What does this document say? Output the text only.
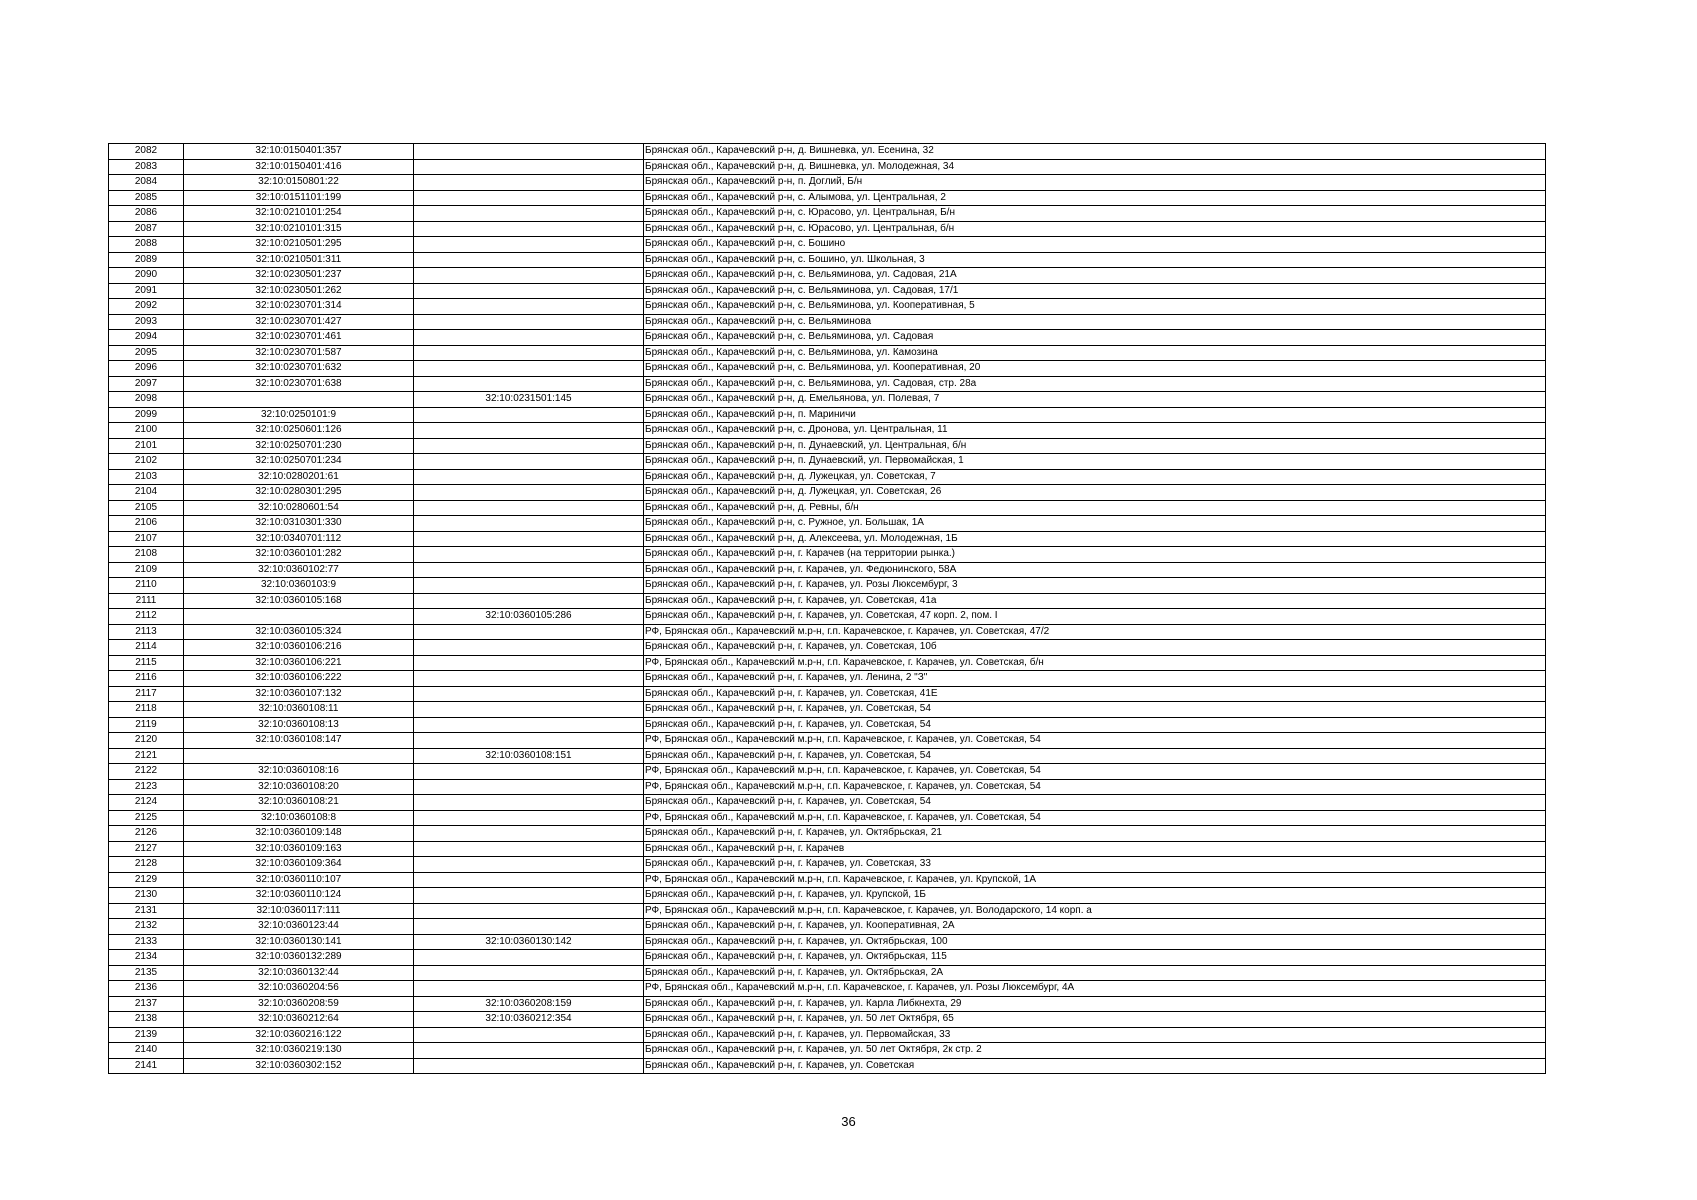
2082	32:10:0150401:357		Брянская обл., Карачевский р-н, д. Вишневка, ул. Есенина, 32
2083	32:10:0150401:416		Брянская обл., Карачевский р-н, д. Вишневка, ул. Молодежная, 34
2084	32:10:0150801:22		Брянская обл., Карачевский р-н, п. Доглий, Б/н
2085	32:10:0151101:199		Брянская обл., Карачевский р-н, с. Алымова, ул. Центральная, 2
2086	32:10:0210101:254		Брянская обл., Карачевский р-н, с. Юрасово, ул. Центральная, Б/н
2087	32:10:0210101:315		Брянская обл., Карачевский р-н, с. Юрасово, ул. Центральная, б/н
2088	32:10:0210501:295		Брянская обл., Карачевский р-н, с. Бошино
2089	32:10:0210501:311		Брянская обл., Карачевский р-н, с. Бошино, ул. Школьная, 3
2090	32:10:0230501:237		Брянская обл., Карачевский р-н, с. Вельяминова, ул. Садовая, 21А
2091	32:10:0230501:262		Брянская обл., Карачевский р-н, с. Вельяминова, ул. Садовая, 17/1
2092	32:10:0230701:314		Брянская обл., Карачевский р-н, с. Вельяминова, ул. Кооперативная, 5
2093	32:10:0230701:427		Брянская обл., Карачевский р-н, с. Вельяминова
2094	32:10:0230701:461		Брянская обл., Карачевский р-н, с. Вельяминова, ул. Садовая
2095	32:10:0230701:587		Брянская обл., Карачевский р-н, с. Вельяминова, ул. Камозина
2096	32:10:0230701:632		Брянская обл., Карачевский р-н, с. Вельяминова, ул. Кооперативная, 20
2097	32:10:0230701:638		Брянская обл., Карачевский р-н, с. Вельяминова, ул. Садовая, стр. 28а
2098		32:10:0231501:145	Брянская обл., Карачевский р-н, д. Емельянова, ул. Полевая, 7
2099	32:10:0250101:9		Брянская обл., Карачевский р-н, п. Мариничи
2100	32:10:0250601:126		Брянская обл., Карачевский р-н, с. Дронова, ул. Центральная, 11
2101	32:10:0250701:230		Брянская обл., Карачевский р-н, п. Дунаевский, ул. Центральная, б/н
2102	32:10:0250701:234		Брянская обл., Карачевский р-н, п. Дунаевский, ул. Первомайская, 1
2103	32:10:0280201:61		Брянская обл., Карачевский р-н, д. Лужецкая, ул. Советская, 7
2104	32:10:0280301:295		Брянская обл., Карачевский р-н, д. Лужецкая, ул. Советская, 26
2105	32:10:0280601:54		Брянская обл., Карачевский р-н, д. Ревны, б/н
2106	32:10:0310301:330		Брянская обл., Карачевский р-н, с. Ружное, ул. Большак, 1А
2107	32:10:0340701:112		Брянская обл., Карачевский р-н, д. Алексеева, ул. Молодежная, 1Б
2108	32:10:0360101:282		Брянская обл., Карачевский р-н, г. Карачев (на территории рынка.)
2109	32:10:0360102:77		Брянская обл., Карачевский р-н, г. Карачев, ул. Федюнинского, 58А
2110	32:10:0360103:9		Брянская обл., Карачевский р-н, г. Карачев, ул. Розы Люксембург, 3
2111	32:10:0360105:168		Брянская обл., Карачевский р-н, г. Карачев, ул. Советская, 41а
2112		32:10:0360105:286	Брянская обл., Карачевский р-н, г. Карачев, ул. Советская, 47 корп. 2, пом. I
2113	32:10:0360105:324		РФ, Брянская обл., Карачевский м.р-н, г.п. Карачевское, г. Карачев, ул. Советская, 47/2
2114	32:10:0360106:216		Брянская обл., Карачевский р-н, г. Карачев, ул. Советская, 10б
2115	32:10:0360106:221		РФ, Брянская обл., Карачевский м.р-н, г.п. Карачевское, г. Карачев, ул. Советская, б/н
2116	32:10:0360106:222		Брянская обл., Карачевский р-н, г. Карачев, ул. Ленина, 2 "З"
2117	32:10:0360107:132		Брянская обл., Карачевский р-н, г. Карачев, ул. Советская, 41Е
2118	32:10:0360108:11		Брянская обл., Карачевский р-н, г. Карачев, ул. Советская, 54
2119	32:10:0360108:13		Брянская обл., Карачевский р-н, г. Карачев, ул. Советская, 54
2120	32:10:0360108:147		РФ, Брянская обл., Карачевский м.р-н, г.п. Карачевское, г. Карачев, ул. Советская, 54
2121		32:10:0360108:151	Брянская обл., Карачевский р-н, г. Карачев, ул. Советская, 54
2122	32:10:0360108:16		РФ, Брянская обл., Карачевский м.р-н, г.п. Карачевское, г. Карачев, ул. Советская, 54
2123	32:10:0360108:20		РФ, Брянская обл., Карачевский м.р-н, г.п. Карачевское, г. Карачев, ул. Советская, 54
2124	32:10:0360108:21		Брянская обл., Карачевский р-н, г. Карачев, ул. Советская, 54
2125	32:10:0360108:8		РФ, Брянская обл., Карачевский м.р-н, г.п. Карачевское, г. Карачев, ул. Советская, 54
2126	32:10:0360109:148		Брянская обл., Карачевский р-н, г. Карачев, ул. Октябрьская, 21
2127	32:10:0360109:163		Брянская обл., Карачевский р-н, г. Карачев
2128	32:10:0360109:364		Брянская обл., Карачевский р-н, г. Карачев, ул. Советская, 33
2129	32:10:0360110:107		РФ, Брянская обл., Карачевский м.р-н, г.п. Карачевское, г. Карачев, ул. Крупской, 1А
2130	32:10:0360110:124		Брянская обл., Карачевский р-н, г. Карачев, ул. Крупской, 1Б
2131	32:10:0360117:111		РФ, Брянская обл., Карачевский м.р-н, г.п. Карачевское, г. Карачев, ул. Володарского, 14 корп. а
2132	32:10:0360123:44		Брянская обл., Карачевский р-н, г. Карачев, ул. Кооперативная, 2А
2133	32:10:0360130:141	32:10:0360130:142	Брянская обл., Карачевский р-н, г. Карачев, ул. Октябрьская, 100
2134	32:10:0360132:289		Брянская обл., Карачевский р-н, г. Карачев, ул. Октябрьская, 115
2135	32:10:0360132:44		Брянская обл., Карачевский р-н, г. Карачев, ул. Октябрьская, 2А
2136	32:10:0360204:56		РФ, Брянская обл., Карачевский м.р-н, г.п. Карачевское, г. Карачев, ул. Розы Люксембург, 4А
2137	32:10:0360208:59	32:10:0360208:159	Брянская обл., Карачевский р-н, г. Карачев, ул. Карла Либкнехта, 29
2138	32:10:0360212:64	32:10:0360212:354	Брянская обл., Карачевский р-н, г. Карачев, ул. 50 лет Октября, 65
2139	32:10:0360216:122		Брянская обл., Карачевский р-н, г. Карачев, ул. Первомайская, 33
2140	32:10:0360219:130		Брянская обл., Карачевский р-н, г. Карачев, ул. 50 лет Октября, 2к стр. 2
2141	32:10:0360302:152		Брянская обл., Карачевский р-н, г. Карачев, ул. Советская
36
